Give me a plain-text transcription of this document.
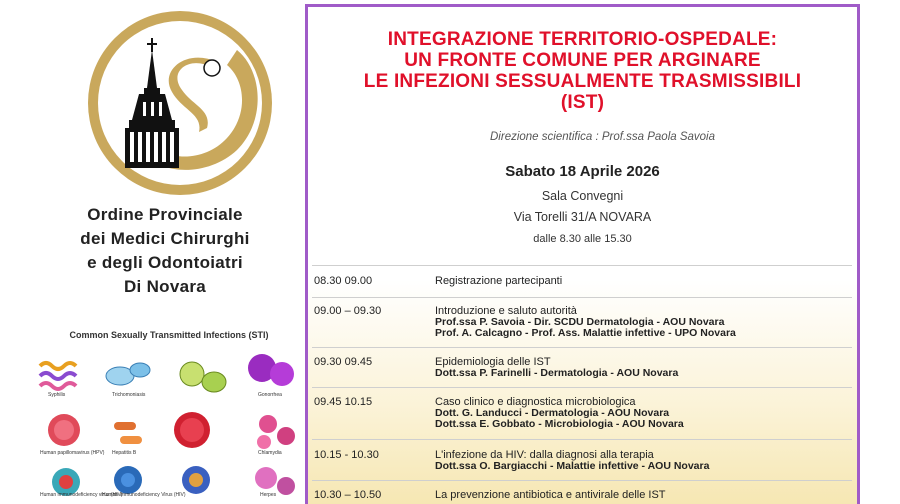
Ordine Provinciale
dei Medici Chirurghi
e degli Odontoiatri
Di Novara
Common Sexually Transmitted Infections (STI)
Syphilis	Trichomoniasis	Gonorrhea
Human papillomavirus (HPV) Hepatitis B	Chlamydia
Human immunodeficiency virus (HIV)
Human Immunodeficiency Virus (HIV)	Herpes
INTEGRAZIONE TERRITORIO-OSPEDALE:
UN FRONTE COMUNE PER ARGINARE
LE INFEZIONI SESSUALMENTE TRASMISSIBILI
(IST)
Direzione scientifica : Prof.ssa Paola Savoia
Sabato 18 Aprile 2026
Sala Convegni
Via Torelli 31/A NOVARA
dalle 8.30 alle 15.30
08.30 09.00	Registrazione partecipanti
09.00 – 09.30	Introduzione e saluto autorità
Prof.ssa P. Savoia - Dir. SCDU Dermatologia - AOU Novara
Prof. A. Calcagno - Prof. Ass. Malattie infettive - UPO Novara
09.30 09.45	Epidemiologia delle IST
Dott.ssa P. Farinelli - Dermatologia - AOU Novara
09.45 10.15	Caso clinico e diagnostica microbiologica
Dott. G. Landucci - Dermatologia - AOU Novara
Dott.ssa E. Gobbato - Microbiologia - AOU Novara
10.15 - 10.30	L'infezione da HIV: dalla diagnosi alla terapia
Dott.ssa O. Bargiacchi - Malattie infettive - AOU Novara
10.30 – 10.50	La prevenzione antibiotica e antivirale delle IST
